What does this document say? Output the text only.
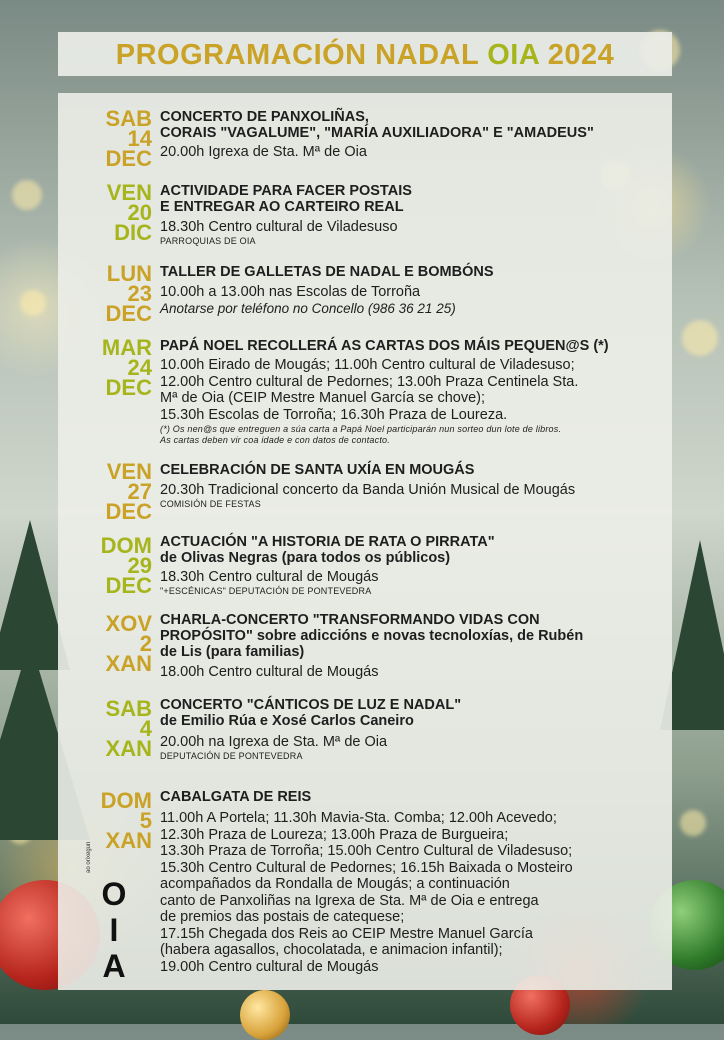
PROGRAMACIÓN NADAL OIA 2024
SAB
14
DEC
CONCERTO DE PANXOLIÑAS,
CORAIS "VAGALUME", "MARÍA AUXILIADORA" E "AMADEUS"
20.00h Igrexa de Sta. Mª de Oia
VEN
20
DIC
ACTIVIDADE PARA FACER POSTAIS
E ENTREGAR AO CARTEIRO REAL
18.30h Centro cultural de Viladesuso
PARROQUIAS DE OIA
LUN
23
DEC
TALLER DE GALLETAS DE NADAL E BOMBÓNS
10.00h a 13.00h nas Escolas de Torroña
Anotarse por teléfono no Concello (986 36 21 25)
MAR
24
DEC
PAPÁ NOEL RECOLLERÁ AS CARTAS DOS MÁIS PEQUEN@S (*)
10.00h Eirado de Mougás; 11.00h Centro cultural de Viladesuso;
12.00h Centro cultural de Pedornes; 13.00h Praza Centinela Sta.
Mª de Oia (CEIP Mestre Manuel García se chove);
15.30h Escolas de Torroña; 16.30h Praza de Loureza.
(*) Os nen@s que entreguen a súa carta a Papá Noel participarán nun sorteo dun lote de libros.
As cartas deben vir coa idade e con datos de contacto.
VEN
27
DEC
CELEBRACIÓN DE SANTA UXÍA EN MOUGÁS
20.30h Tradicional concerto da Banda Unión Musical de Mougás
COMISIÓN DE FESTAS
DOM
29
DEC
ACTUACIÓN "A HISTORIA DE RATA O PIRRATA"
de Olivas Negras (para todos os públicos)
18.30h Centro cultural de Mougás
"+ESCÉNICAS" DEPUTACIÓN DE PONTEVEDRA
XOV
2
XAN
CHARLA-CONCERTO "TRANSFORMANDO VIDAS CON
PROPÓSITO" sobre adiccións e novas tecnoloxías, de Rubén
de Lis (para familias)
18.00h Centro cultural de Mougás
SAB
4
XAN
CONCERTO "CÁNTICOS DE LUZ E NADAL"
de Emilio Rúa e Xosé Carlos Caneiro
20.00h na Igrexa de Sta. Mª de Oia
DEPUTACIÓN DE PONTEVEDRA
DOM
5
XAN
CABALGATA DE REIS
11.00h A Portela; 11.30h Mavia-Sta. Comba; 12.00h Acevedo;
12.30h Praza de Loureza; 13.00h Praza de Burgueira;
13.30h Praza de Torroña; 15.00h Centro Cultural de Viladesuso;
15.30h Centro Cultural de Pedornes; 16.15h Baixada o Mosteiro
acompañados da Rondalla de Mougás; a continuación
canto de Panxoliñas na Igrexa de Sta. Mª de Oia e entrega
de premios das postais de catequese;
17.15h Chegada dos Reis ao CEIP Mestre Manuel García
(habera agasallos, chocolatada, e animacion infantil);
19.00h Centro cultural de Mougás
ao orixegun
O
I
A
